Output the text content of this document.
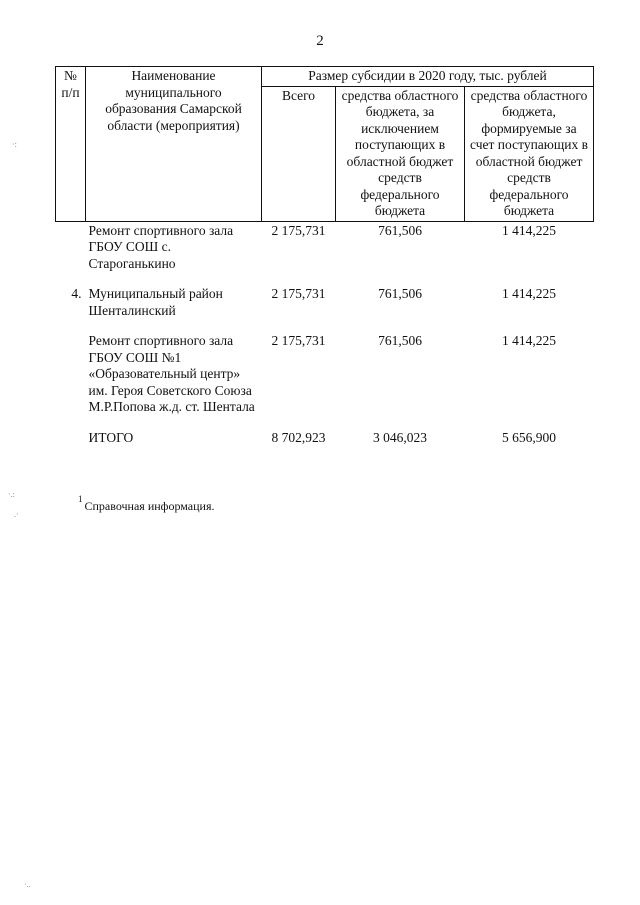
2
№ п/п	Наименование муниципального образования Самарской области (мероприятия)	Размер субсидии в 2020 году, тыс. рублей		
		Всего	средства областного бюджета, за исключением поступающих в областной бюджет средств федерального бюджета	средства областного бюджета, формируемые за счет поступающих в областной бюджет средств федерального бюджета
	Ремонт спортивного зала ГБОУ СОШ с. Староганькино	2 175,731	761,506	1 414,225
4.	Муниципальный район Шенталинский	2 175,731	761,506	1 414,225
	Ремонт спортивного зала ГБОУ СОШ №1 «Образовательный центр» им. Героя Советского Союза М.Р.Попова ж.д. ст. Шентала	2 175,731	761,506	1 414,225
	ИТОГО	8 702,923	3 046,023	5 656,900
$^1$ Справочная информация.
·:
·.:
.·
·..
